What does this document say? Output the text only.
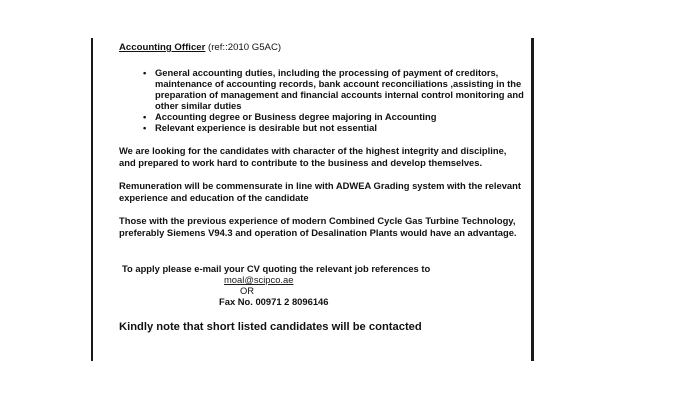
Accounting Officer (ref::2010 G5AC)
• General accounting duties, including the processing of payment of creditors, maintenance of accounting records, bank account reconciliations ,assisting in the preparation of management and financial accounts internal control monitoring and other similar duties
• Accounting degree or Business degree majoring in Accounting
• Relevant experience is desirable but not essential

We are looking for the candidates with character of the highest integrity and discipline, and prepared to work hard to contribute to the business and develop themselves.

Remuneration will be commensurate in line with ADWEA Grading system with the relevant experience and education of the candidate

Those with the previous experience of modern Combined Cycle Gas Turbine Technology, preferably Siemens V94.3 and operation of Desalination Plants would have an advantage.

To apply please e-mail your CV quoting the relevant job references to
moal@scipco.ae
OR
Fax No. 00971 2 8096146
Kindly note that short listed candidates will be contacted
